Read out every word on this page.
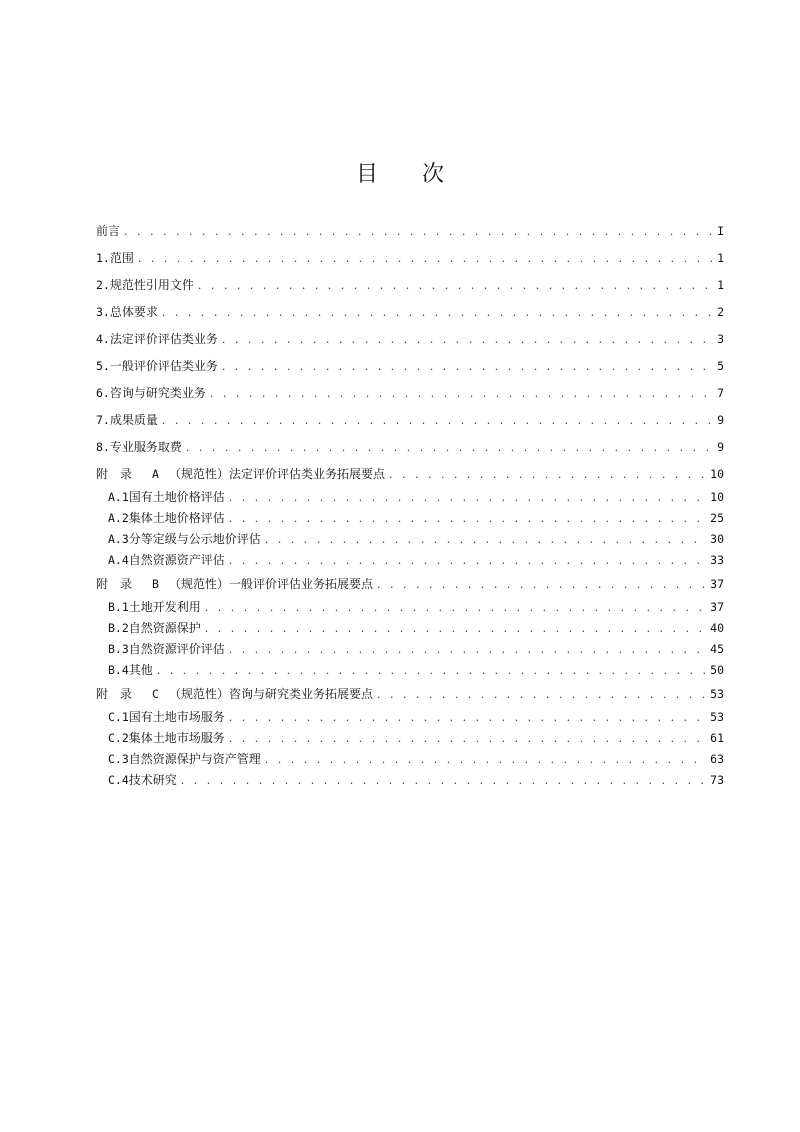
目次
前言 . . .	I
1. 范围 . . .	1
2. 规范性引用文件 . . .	1
3. 总体要求 . . .	2
4. 法定评价评估类业务 . . .	3
5. 一般评价评估类业务 . . .	5
6. 咨询与研究类业务 . . .	7
7. 成果质量 . . .	9
8. 专业服务取费 . . .	9
附录 A （规范性）法定评价评估类业务拓展要点 . . .	10
A.1 国有土地价格评估 . . .	10
A.2 集体土地价格评估 . . .	25
A.3 分等定级与公示地价评估 . . .	30
A.4 自然资源资产评估 . . .	33
附录 B （规范性）一般评价评估业务拓展要点 . . .	37
B.1 土地开发利用 . . .	37
B.2 自然资源保护 . . .	40
B.3 自然资源评价评估 . . .	45
B.4 其他 . . .	50
附录 C （规范性）咨询与研究类业务拓展要点 . . .	53
C.1 国有土地市场服务 . . .	53
C.2 集体土地市场服务 . . .	61
C.3 自然资源保护与资产管理 . . .	63
C.4 技术研究 . . .	73
